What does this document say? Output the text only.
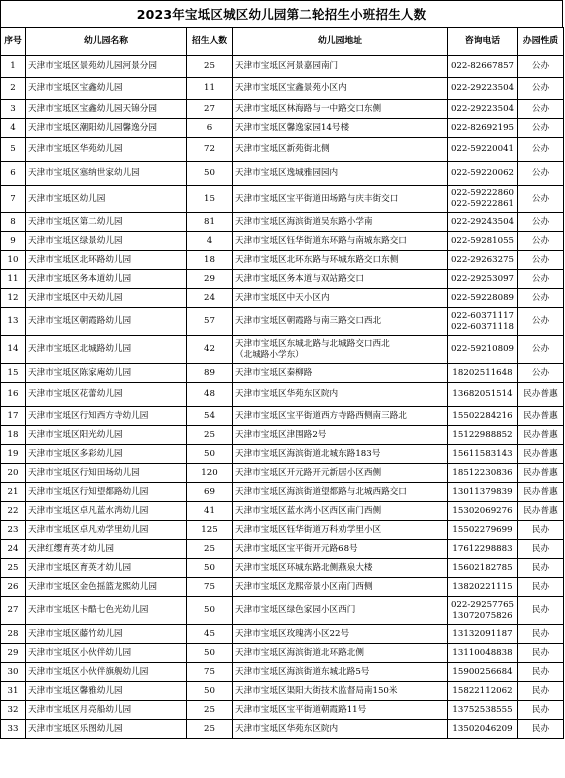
2023年宝坻区城区幼儿园第二轮招生小班招生人数
序号	幼儿园名称	招生人数	幼儿园地址	咨询电话	办园性质
1	天津市宝坻区景苑幼儿园河景分园	25	天津市宝坻区河景嘉园南门	022-82667857	公办
2	天津市宝坻区宝鑫幼儿园	11	天津市宝坻区宝鑫景苑小区内	022-29223504	公办
3	天津市宝坻区宝鑫幼儿园天锦分园	27	天津市宝坻区林海路与一中路交口东侧	022-29223504	公办
4	天津市宝坻区潮阳幼儿园馨逸分园	6	天津市宝坻区馨逸家园14号楼	022-82692195	公办
5	天津市宝坻区华苑幼儿园	72	天津市宝坻区新苑街北侧	022-59220041	公办
6	天津市宝坻区塞纳世家幼儿园	50	天津市宝坻区逸城雅园园内	022-59220062	公办
7	天津市宝坻区幼儿园	15	天津市宝坻区宝平街道田场路与庆丰街交口	022-59222860
022-59222861	公办
8	天津市宝坻区第二幼儿园	81	天津市宝坻区海滨街道吴东路小学南	022-29243504	公办
9	天津市宝坻区绿景幼儿园	4	天津市宝坻区钰华街道东环路与南城东路交口	022-59281055	公办
10	天津市宝坻区北环路幼儿园	18	天津市宝坻区北环东路与环城东路交口东侧	022-29263275	公办
11	天津市宝坻区务本道幼儿园	29	天津市宝坻区务本道与双站路交口	022-29253097	公办
12	天津市宝坻区中天幼儿园	24	天津市宝坻区中天小区内	022-59228089	公办
13	天津市宝坻区朝霞路幼儿园	57	天津市宝坻区朝霞路与南三路交口西北	022-60371117
022-60371118	公办
14	天津市宝坻区北城路幼儿园	42	天津市宝坻区东城北路与北城路交口西北
（北城路小学东）	022-59210809	公办
15	天津市宝坻区陈家庵幼儿园	89	天津市宝坻区秦柳路	18202511648	公办
16	天津市宝坻区花蕾幼儿园	48	天津市宝坻区华苑东区院内	13682051514	民办普惠
17	天津市宝坻区行知西方寺幼儿园	54	天津市宝坻区宝平街道西方寺路西侧南三路北	15502284216	民办普惠
18	天津市宝坻区阳光幼儿园	25	天津市宝坻区津围路2号	15122988852	民办普惠
19	天津市宝坻区多彩幼儿园	50	天津市宝坻区海滨街道北城东路183号	15611583143	民办普惠
20	天津市宝坻区行知田场幼儿园	120	天津市宝坻区开元路开元新居小区西侧	18512230836	民办普惠
21	天津市宝坻区行知望都路幼儿园	69	天津市宝坻区海滨街道望都路与北城西路交口	13011379839	民办普惠
22	天津市宝坻区卓凡蓝水湾幼儿园	41	天津市宝坻区蓝水湾小区西区南门西侧	15302069276	民办普惠
23	天津市宝坻区卓凡劝学里幼儿园	125	天津市宝坻区钰华街道万科劝学里小区	15502279699	民办
24	天津红缨育英才幼儿园	25	天津市宝坻区宝平街开元路68号	17612298883	民办
25	天津市宝坻区育英才幼儿园	50	天津市宝坻区环城东路北侧燕泉大楼	15602182785	民办
26	天津市宝坻区金色摇篮龙熙幼儿园	75	天津市宝坻区龙熙帝景小区南门西侧	13820221115	民办
27	天津市宝坻区卡酷七色光幼儿园	50	天津市宝坻区绿色家园小区西门	022-29257765
13072075826	民办
28	天津市宝坻区藤竹幼儿园	45	天津市宝坻区玫瑰湾小区22号	13132091187	民办
29	天津市宝坻区小伙伴幼儿园	50	天津市宝坻区海滨街道北环路北侧	13110048838	民办
30	天津市宝坻区小伙伴旗舰幼儿园	75	天津市宝坻区海滨街道东城北路5号	15900256684	民办
31	天津市宝坻区馨雅幼儿园	50	天津市宝坻区渠阳大街技术监督局南150米	15822112062	民办
32	天津市宝坻区月亮船幼儿园	25	天津市宝坻区宝平街道朝霞路11号	13752538555	民办
33	天津市宝坻区乐图幼儿园	25	天津市宝坻区华苑东区院内	13502046209	民办
